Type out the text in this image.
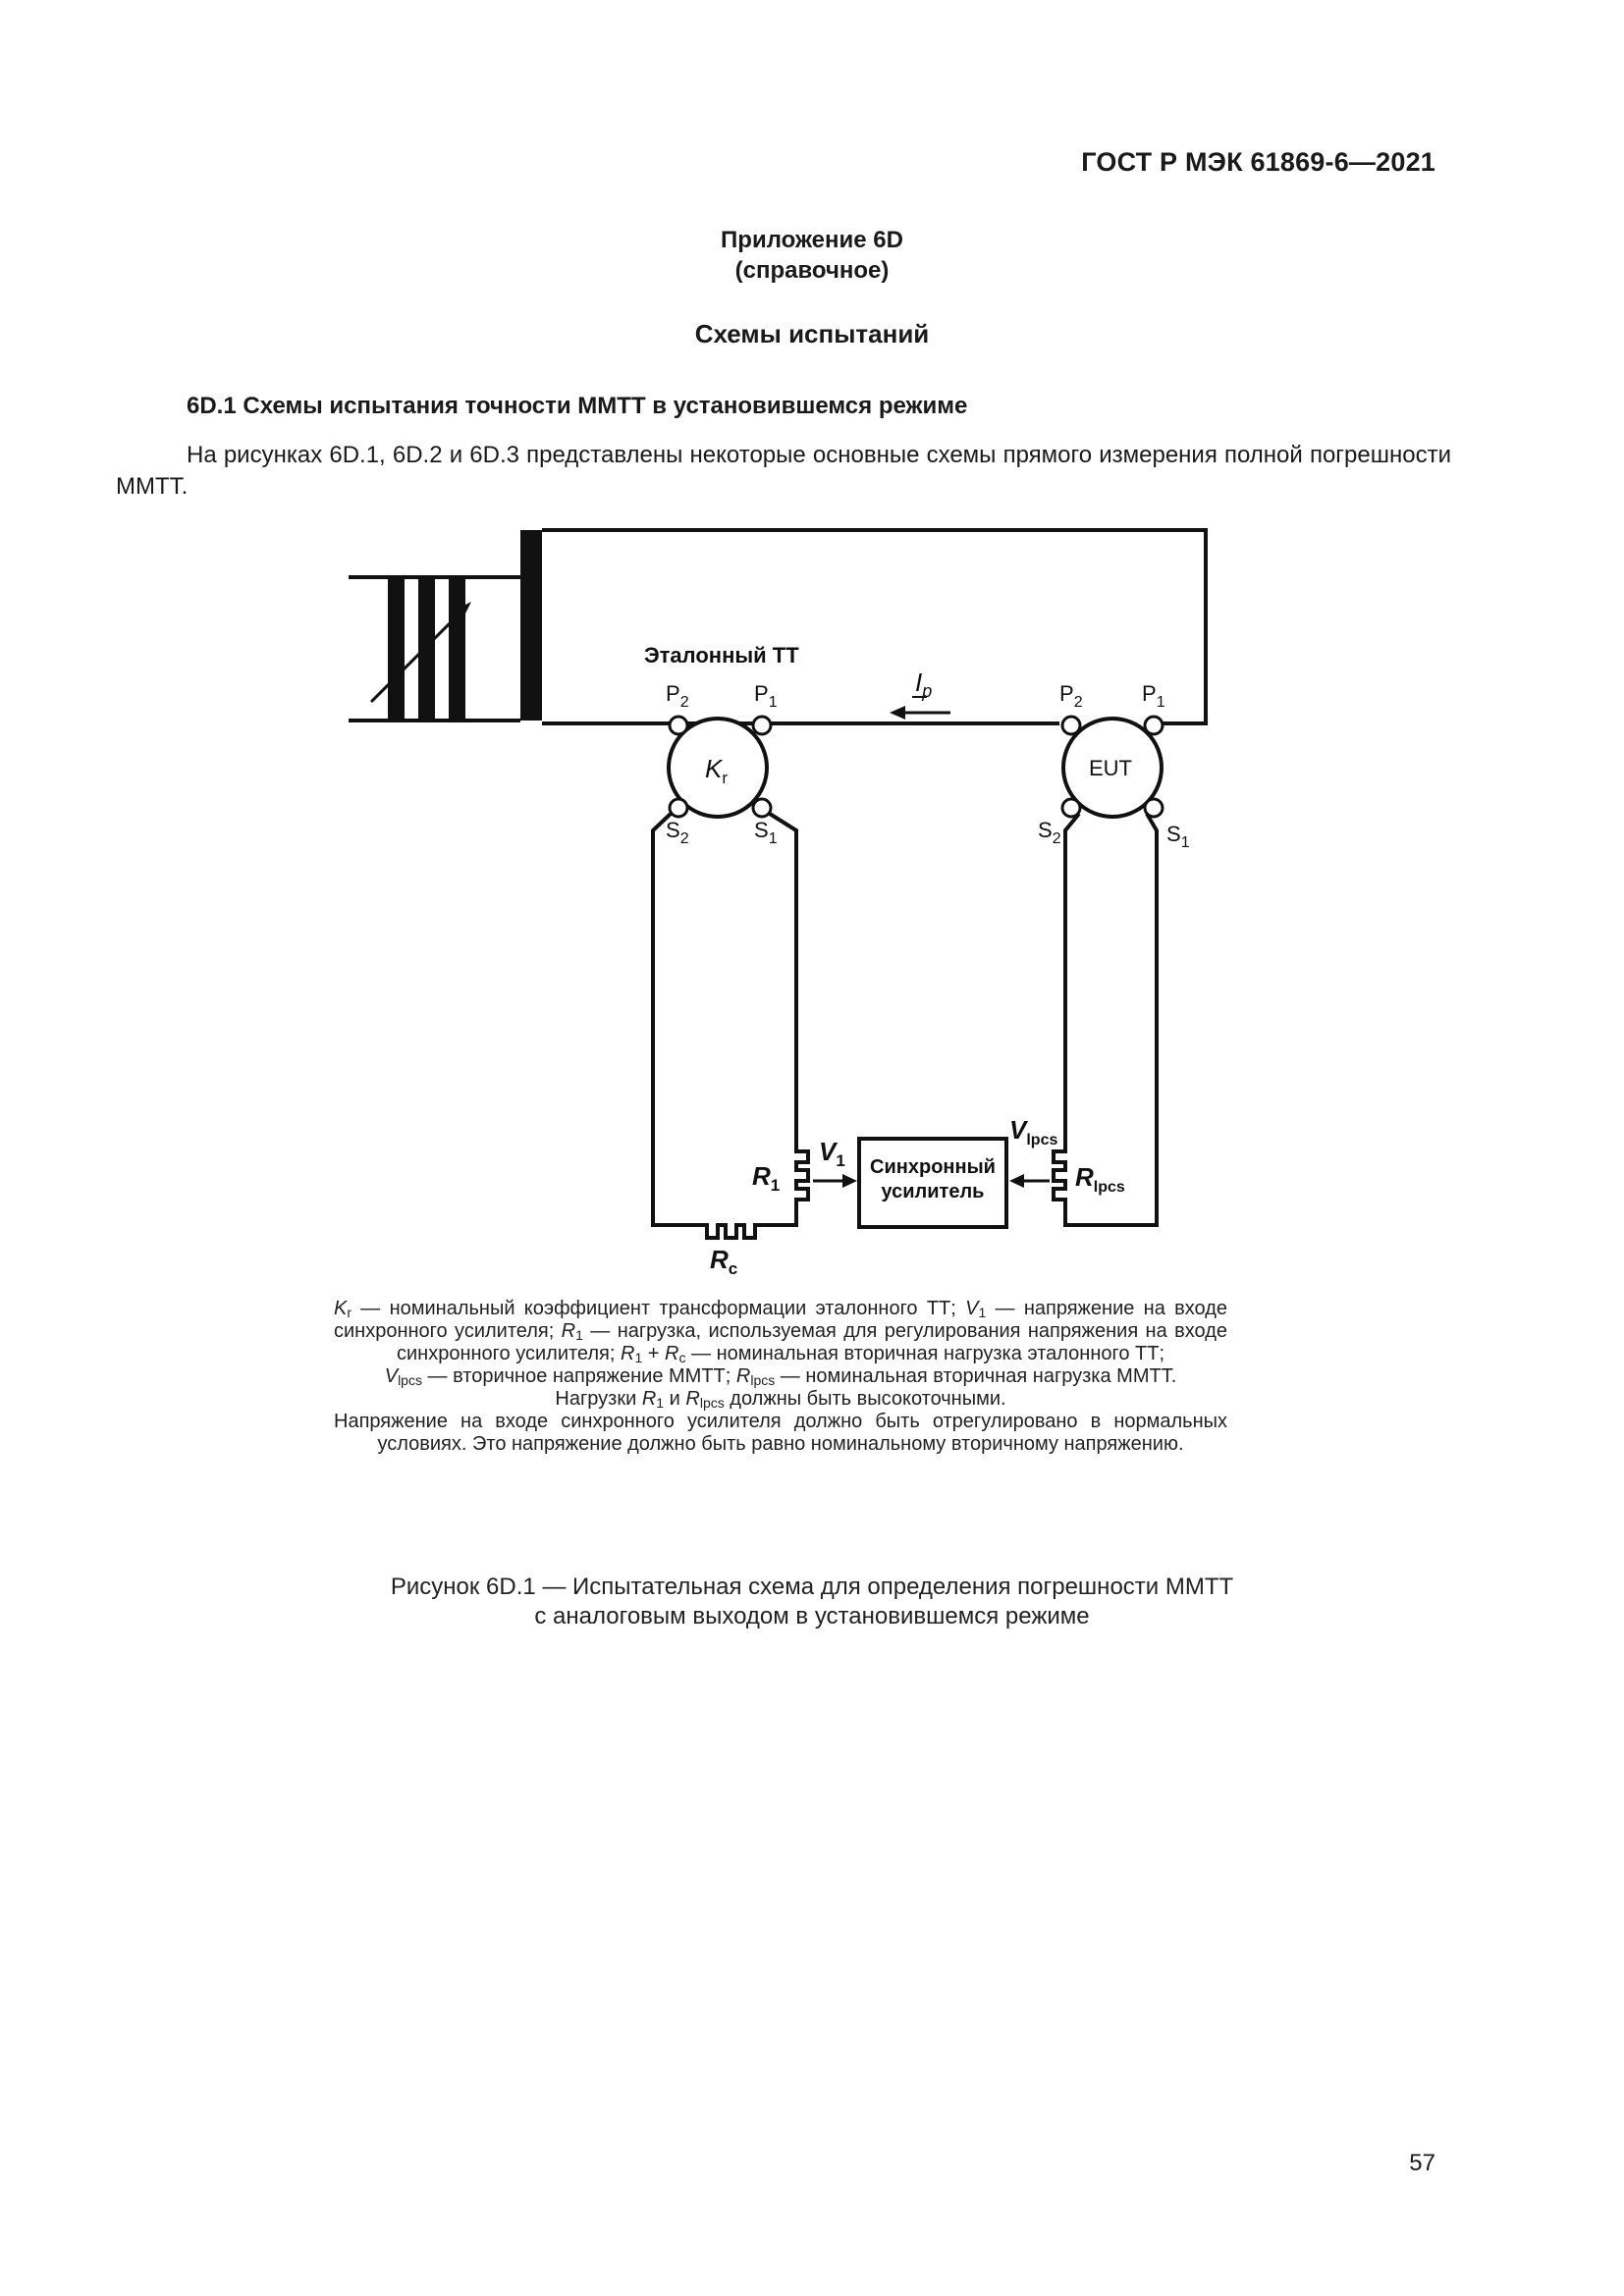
ГОСТ Р МЭК 61869-6—2021
Приложение 6D
(справочное)
Схемы испытаний
6D.1 Схемы испытания точности ММТТ в установившемся режиме
На рисунках 6D.1, 6D.2 и 6D.3 представлены некоторые основные схемы прямого измерения полной погрешности ММТТ.
$I_p$
Эталонный ТТ
$K_r$
$P_2$	$P_1$
$S_2$	$S_1$
EUT
$P_2$	$P_1$
$S_2$	$S_1$
Синхронный
усилитель
$V_1$
$R_1$
$R_c$
$V_{lpcs}$
$R_{lpcs}$
$K_r$ — номинальный коэффициент трансформации эталонного ТТ; $V_1$ — напряжение на входе синхронного усилителя; $R_1$ — нагрузка, используемая для регулирования напряжения на входе синхронного усилителя; $R_1 + R_c$ — номинальная вторичная нагрузка эталонного ТТ;
$V_{lpcs}$ — вторичное напряжение ММТТ; $R_{lpcs}$ — номинальная вторичная нагрузка ММТТ.
Нагрузки $R_1$ и $R_{lpcs}$ должны быть высокоточными.
Напряжение на входе синхронного усилителя должно быть отрегулировано в нормальных условиях. Это напряжение должно быть равно номинальному вторичному напряжению.
Рисунок 6D.1 — Испытательная схема для определения погрешности ММТТ
с аналоговым выходом в установившемся режиме
57
